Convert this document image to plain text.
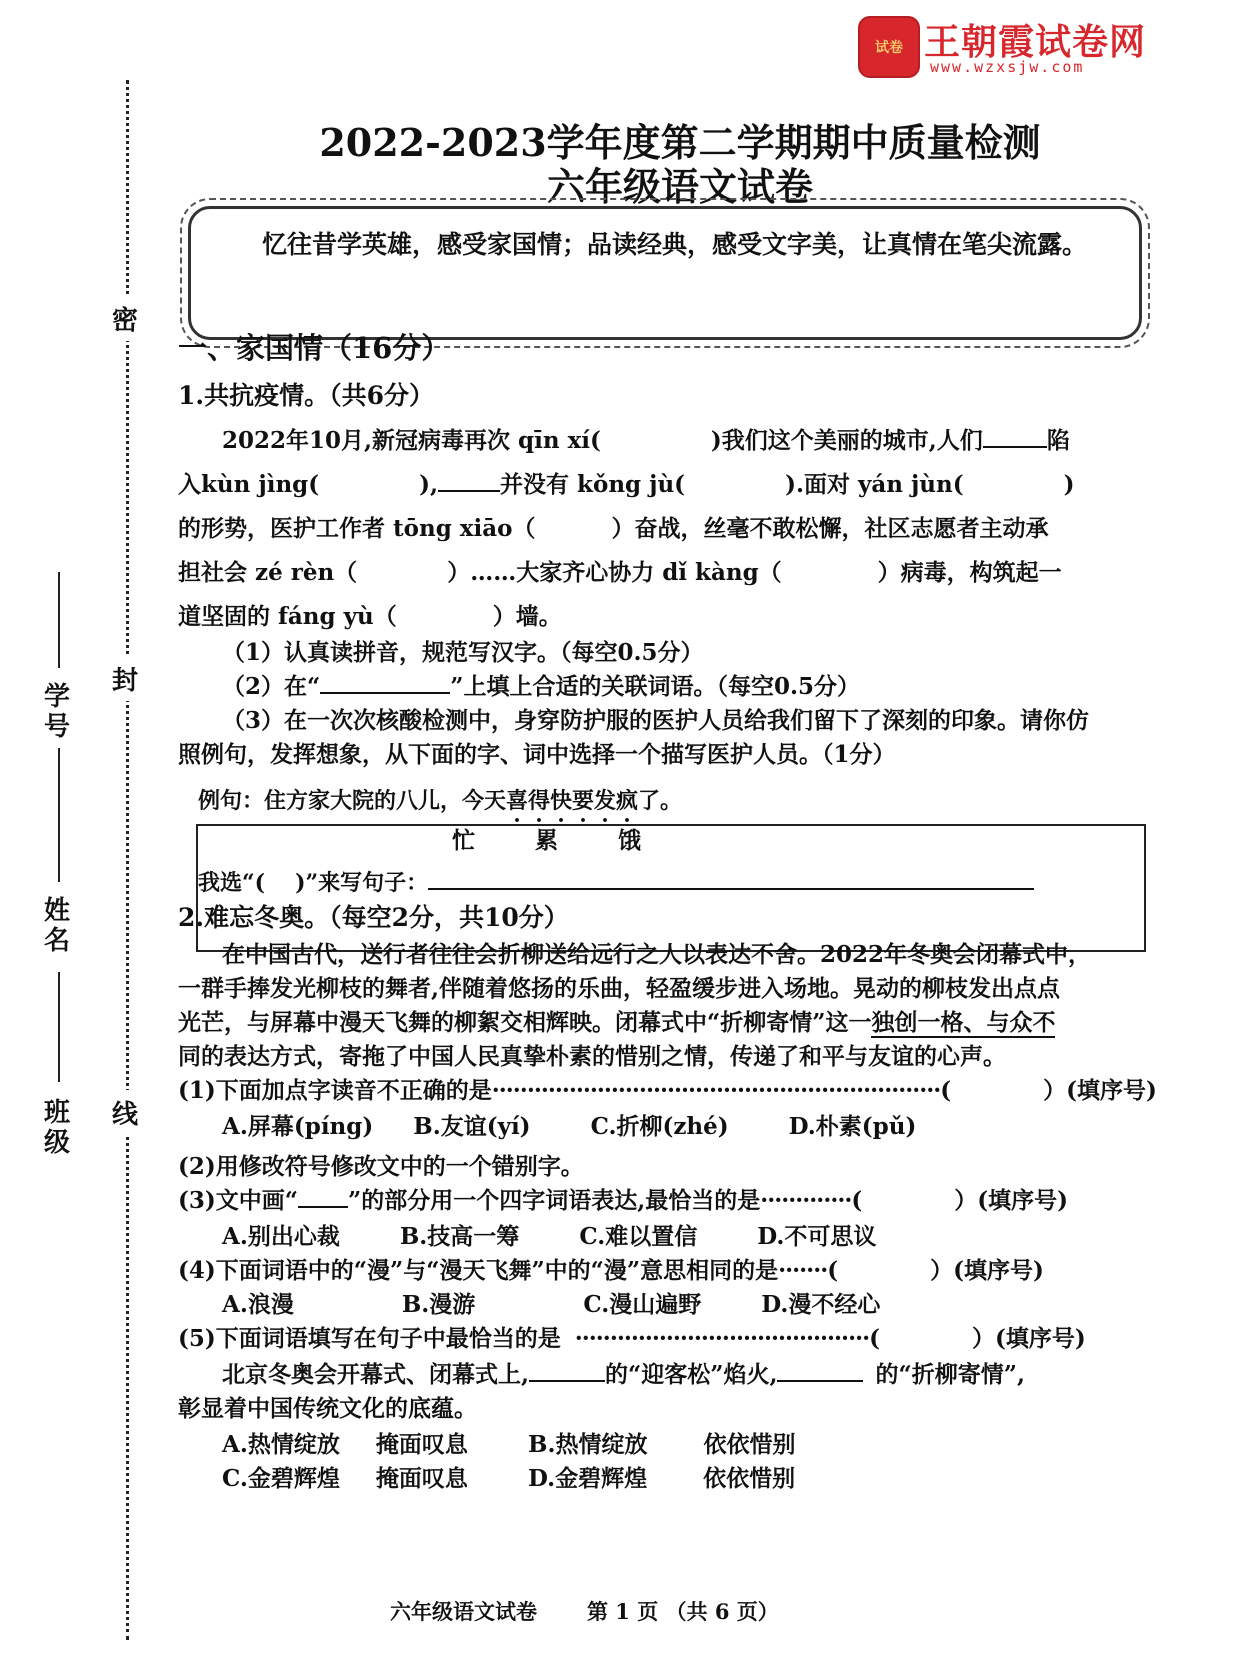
密
封
线
学号
姓名
班级
试卷 王朝霞试卷网
www.wzxsjw.com
2022-2023学年度第二学期期中质量检测
六年级语文试卷
忆往昔学英雄，感受家国情；品读经典，感受文字美，让真情在笔尖流露。
一、家国情（16分）
1.共抗疫情。（共6分）
2022年10月,新冠病毒再次 qīn xí(	)我们这个美丽的城市,人们	陷
入kùn jìng(	),	并没有 kǒng jù(	).面对 yán jùn(	)
的形势，医护工作者 tōng xiāo（	）奋战，丝毫不敢松懈，社区志愿者主动承
担社会 zé rèn（	）……大家齐心协力 dǐ kàng（	）病毒，构筑起一
道坚固的 fáng yù（	）墙。
（1）认真读拼音，规范写汉字。（每空0.5分）
（2）在“	”上填上合适的关联词语。（每空0.5分）
（3）在一次次核酸检测中，身穿防护服的医护人员给我们留下了深刻的印象。请你仿
照例句，发挥想象，从下面的字、词中选择一个描写医护人员。（1分）
例句：住方家大院的八儿，今天喜得快要发疯了。
忙	累	饿
我选“( )”来写句子：
2.难忘冬奥。（每空2分，共10分）
在中国古代，送行者往往会折柳送给远行之人以表达不舍。2022年冬奥会闭幕式中，
一群手捧发光柳枝的舞者,伴随着悠扬的乐曲，轻盈缓步进入场地。晃动的柳枝发出点点
光芒，与屏幕中漫天飞舞的柳絮交相辉映。闭幕式中“折柳寄情”这一独创一格、与众不
同的表达方式，寄拖了中国人民真挚朴素的惜别之情，传递了和平与友谊的心声。
(1)下面加点字读音不正确的是································································(　　　　）(填序号)
A.屏幕(píng) B.友谊(yí)	C.折柳(zhé)	D.朴素(pǔ)
(2)用修改符号修改文中的一个错别字。
(3)文中画“ ”的部分用一个四字词语表达,最恰当的是·············(　　　　）(填序号)
A.别出心裁	B.技高一筹	C.难以置信	D.不可思议
(4)下面词语中的“漫”与“漫天飞舞”中的“漫”意思相同的是·······(　　　　）(填序号)
A.浪漫	B.漫游	C.漫山遍野	D.漫不经心
(5)下面词语填写在句子中最恰当的是 ··········································(　　　　）(填序号)
北京冬奥会开幕式、闭幕式上,	的“迎客松”焰火,	的“折柳寄情”,
彰显着中国传统文化的底蕴。
A.热情绽放 掩面叹息	B.热情绽放 依依惜别
C.金碧辉煌 掩面叹息	D.金碧辉煌 依依惜别
六年级语文试卷 第 1 页 （共 6 页）
